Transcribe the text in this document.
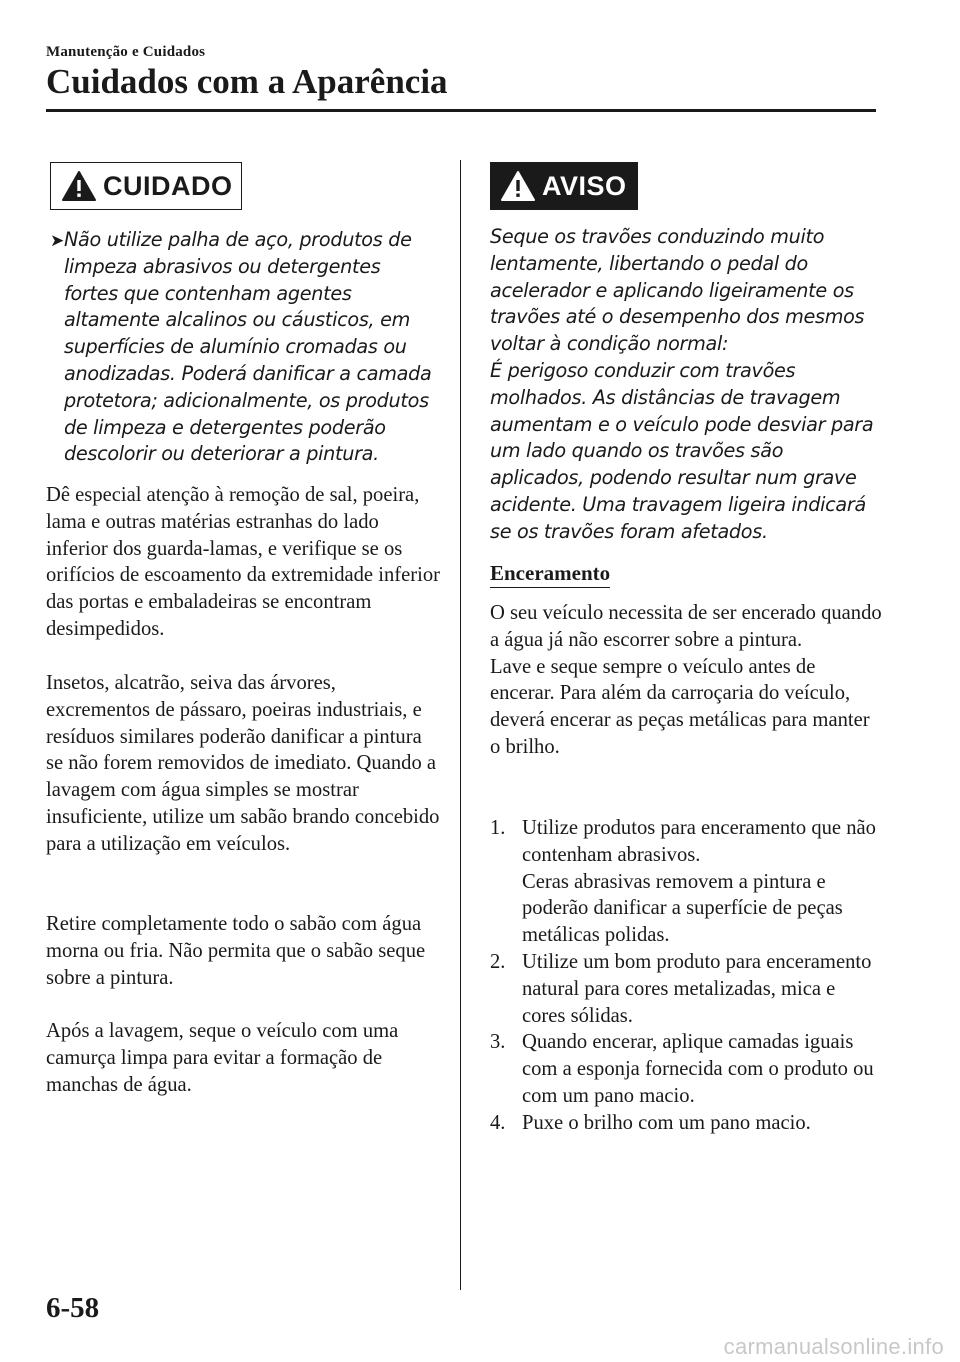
Manutenção e Cuidados
Cuidados com a Aparência
CUIDADO
➤ Não utilize palha de aço, produtos de limpeza abrasivos ou detergentes fortes que contenham agentes altamente alcalinos ou cáusticos, em superfícies de alumínio cromadas ou anodizadas. Poderá danificar a camada protetora; adicionalmente, os produtos de limpeza e detergentes poderão descolorir ou deteriorar a pintura.
Dê especial atenção à remoção de sal, poeira, lama e outras matérias estranhas do lado inferior dos guarda-lamas, e verifique se os orifícios de escoamento da extremidade inferior das portas e embaladeiras se encontram desimpedidos.
Insetos, alcatrão, seiva das árvores, excrementos de pássaro, poeiras industriais, e resíduos similares poderão danificar a pintura se não forem removidos de imediato. Quando a lavagem com água simples se mostrar insuficiente, utilize um sabão brando concebido para a utilização em veículos.
Retire completamente todo o sabão com água morna ou fria. Não permita que o sabão seque sobre a pintura.
Após a lavagem, seque o veículo com uma camurça limpa para evitar a formação de manchas de água.
AVISO
Seque os travões conduzindo muito lentamente, libertando o pedal do acelerador e aplicando ligeiramente os travões até o desempenho dos mesmos voltar à condição normal:
É perigoso conduzir com travões molhados. As distâncias de travagem aumentam e o veículo pode desviar para um lado quando os travões são aplicados, podendo resultar num grave acidente. Uma travagem ligeira indicará se os travões foram afetados.
Enceramento
O seu veículo necessita de ser encerado quando a água já não escorrer sobre a pintura.
Lave e seque sempre o veículo antes de encerar. Para além da carroçaria do veículo, deverá encerar as peças metálicas para manter o brilho.
1. Utilize produtos para enceramento que não contenham abrasivos.
Ceras abrasivas removem a pintura e poderão danificar a superfície de peças metálicas polidas.
2. Utilize um bom produto para enceramento natural para cores metalizadas, mica e cores sólidas.
3. Quando encerar, aplique camadas iguais com a esponja fornecida com o produto ou com um pano macio.
4. Puxe o brilho com um pano macio.
6-58
carmanualsonline.info
